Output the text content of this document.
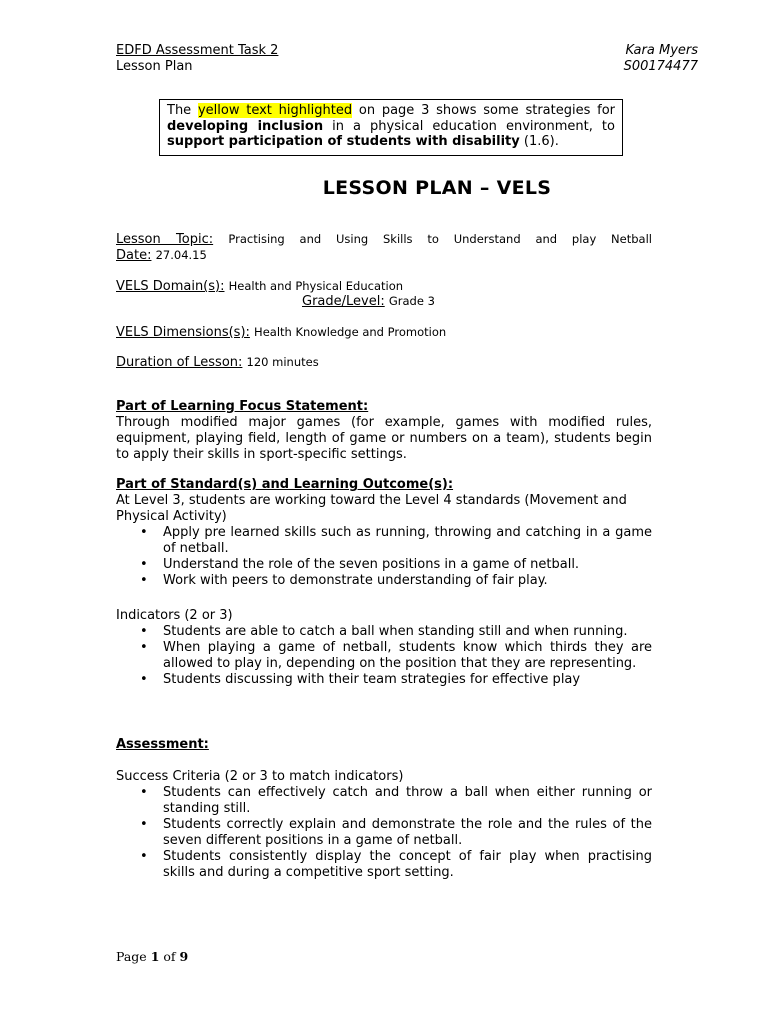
EDFD Assessment Task 2	Kara Myers
Lesson Plan	S00174477
The yellow text highlighted on page 3 shows some strategies for developing inclusion in a physical education environment, to support participation of students with disability (1.6).
LESSON PLAN – VELS
Lesson Topic: Practising and Using Skills to Understand and play Netball
Date: 27.04.15
VELS Domain(s): Health and Physical Education
Grade/Level: Grade 3
VELS Dimensions(s): Health Knowledge and Promotion
Duration of Lesson: 120 minutes
Part of Learning Focus Statement:
Through modified major games (for example, games with modified rules, equipment, playing field, length of game or numbers on a team), students begin to apply their skills in sport-specific settings.
Part of Standard(s) and Learning Outcome(s):
At Level 3, students are working toward the Level 4 standards (Movement and Physical Activity)
• Apply pre learned skills such as running, throwing and catching in a game of netball.
• Understand the role of the seven positions in a game of netball.
• Work with peers to demonstrate understanding of fair play.
Indicators (2 or 3)
• Students are able to catch a ball when standing still and when running.
• When playing a game of netball, students know which thirds they are allowed to play in, depending on the position that they are representing.
• Students discussing with their team strategies for effective play
Assessment:
Success Criteria (2 or 3 to match indicators)
• Students can effectively catch and throw a ball when either running or standing still.
• Students correctly explain and demonstrate the role and the rules of the seven different positions in a game of netball.
• Students consistently display the concept of fair play when practising skills and during a competitive sport setting.
Page 1 of 9
